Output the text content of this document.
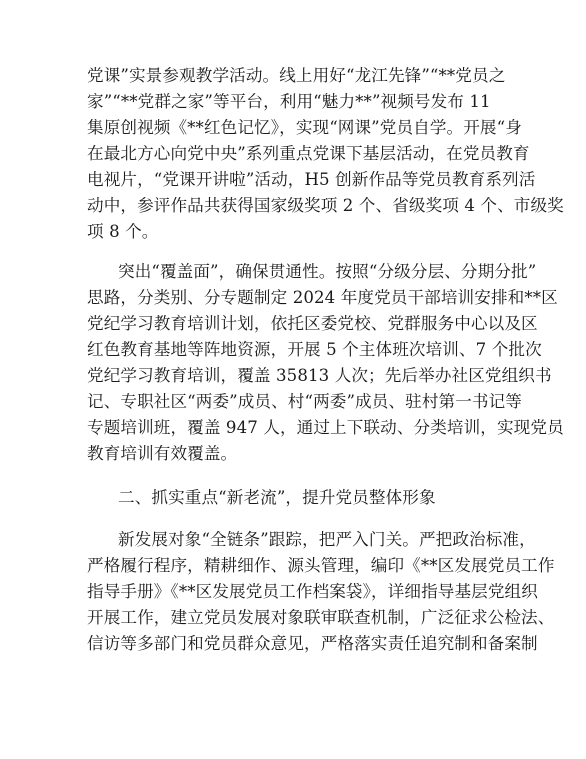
党课”实景参观教学活动。线上用好“龙江先锋”“**党员之
家”“**党群之家”等平台，利用“魅力**”视频号发布 11
集原创视频《**红色记忆》，实现“网课”党员自学。开展“身
在最北方心向党中央”系列重点党课下基层活动，在党员教育
电视片，“党课开讲啦”活动，H5 创新作品等党员教育系列活
动中，参评作品共获得国家级奖项 2 个、省级奖项 4 个、市级奖
项 8 个。
突出“覆盖面”，确保贯通性。按照“分级分层、分期分批”
思路，分类别、分专题制定 2024 年度党员干部培训安排和**区
党纪学习教育培训计划，依托区委党校、党群服务中心以及区
红色教育基地等阵地资源，开展 5 个主体班次培训、7 个批次
党纪学习教育培训，覆盖 35813 人次；先后举办社区党组织书
记、专职社区“两委”成员、村“两委”成员、驻村第一书记等
专题培训班，覆盖 947 人，通过上下联动、分类培训，实现党员
教育培训有效覆盖。
二、抓实重点“新老流”，提升党员整体形象
新发展对象“全链条”跟踪，把严入门关。严把政治标准，
严格履行程序，精耕细作、源头管理，编印《**区发展党员工作
指导手册》《**区发展党员工作档案袋》，详细指导基层党组织
开展工作，建立党员发展对象联审联查机制，广泛征求公检法、
信访等多部门和党员群众意见，严格落实责任追究制和备案制
